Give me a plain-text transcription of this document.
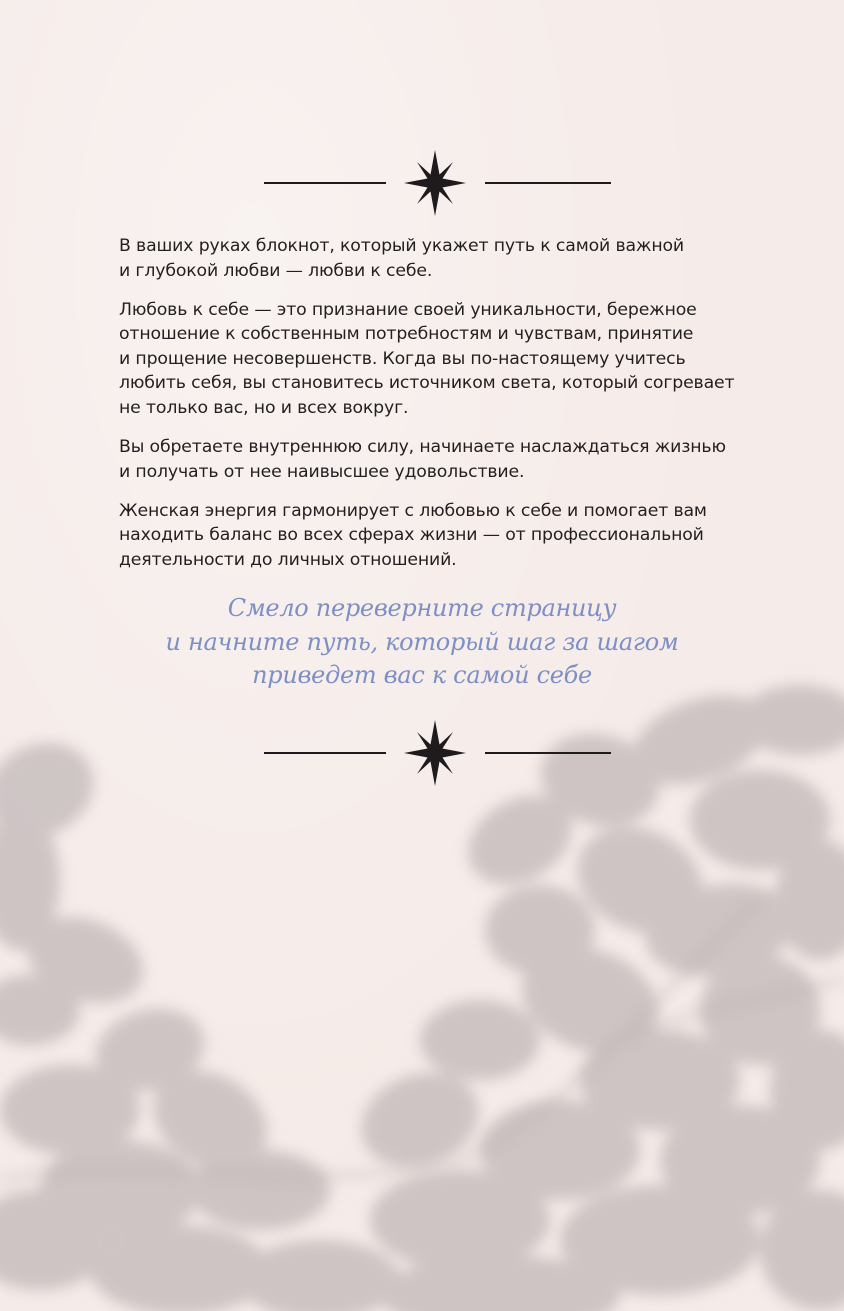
В ваших руках блокнот, который укажет путь к самой важной
и глубокой любви — любви к себе.

Любовь к себе — это признание своей уникальности, бережное
отношение к собственным потребностям и чувствам, принятие
и прощение несовершенств. Когда вы по-настоящему учитесь
любить себя, вы становитесь источником света, который согревает
не только вас, но и всех вокруг.

Вы обретаете внутреннюю силу, начинаете наслаждаться жизнью
и получать от нее наивысшее удовольствие.

Женская энергия гармонирует с любовью к себе и помогает вам
находить баланс во всех сферах жизни — от профессиональной
деятельности до личных отношений.

Смело переверните страницу
и начните путь, который шаг за шагом
приведет вас к самой себе
